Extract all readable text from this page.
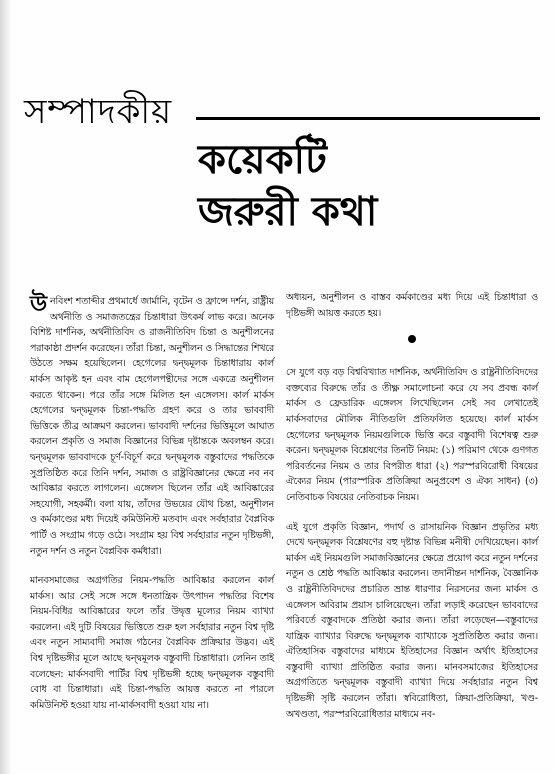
সম্পাদকীয়
কয়েকটি
জরুরী কথা

উনবিংশ শতাব্দীর প্রথমার্ধে জার্মানি, বৃটেন ও ফ্রান্সে দর্শন, রাষ্ট্রীয় অর্থনীতি ও সমাজতন্ত্রের চিন্তাধারা উৎকর্ষ লাভ করে। অনেক বিশিষ্ট দার্শনিক, অর্থনীতিবিদ ও রাজনীতিবিদ চিন্তা ও অনুশীলনের পরাকাষ্ঠা প্রদর্শন করেছেন। তাঁরা চিন্তা, অনুশীলন ও সিদ্ধান্তের শিখরে উঠতে সক্ষম হয়েছিলেন। হেগেলের দ্বন্দ্বমূলক চিন্তাধারায় কার্ল মার্কস আকৃষ্ট হন এবং বাম হেগেলপন্থীদের সঙ্গে একত্রে অনুশীলন করতে থাকেন। পরে তাঁর সঙ্গে মিলিত হন এঙ্গেলস। কার্ল মার্কস হেগেলের দ্বন্দ্বমূলক চিন্তা-পদ্ধতি গ্রহণ করে ও তার ভাববাদী ভিত্তিকে তীব্র আক্রমণ করলেন। ভাববাদী দর্শনের ভিত্তিমূলে আঘাত করলেন প্রকৃতি ও সমাজ বিজ্ঞানের বিভিন্ন দৃষ্টান্তকে অবলম্বন করে। দ্বন্দ্বমূলক ভাববাদকে চূর্ণ-বিচূর্ণ করে দ্বন্দ্বমূলক বস্তুবাদের পদ্ধতিকে সুপ্রতিষ্ঠিত করে তিনি দর্শন, সমাজ ও রাষ্ট্রবিজ্ঞানের ক্ষেত্রে নব নব আবিষ্কার করতে লাগলেন। এঙ্গেলস ছিলেন তাঁর এই আবিষ্কারের সহযোগী, সহকর্মী। বলা যায়, তাঁদের উভয়ের যৌথ চিন্তা, অনুশীলন ও কর্মকাণ্ডের মধ্য দিয়েই কমিউনিস্ট মতবাদ এবং সর্বহারার বৈপ্লবিক পার্টি ও সংগ্রাম গড়ে ওঠে। সংগ্রাম হয় বিশ্ব সর্বহারার নতুন দৃষ্টিভঙ্গী, নতুন দর্শন ও নতুন বৈপ্লবিক কর্মধারা।

মানবসমাজের অগ্রগতির নিয়ম-পদ্ধতি আবিষ্কার করলেন কার্ল মার্কস। আর সেই সঙ্গে সঙ্গে ধনতান্ত্রিক উৎপাদন পদ্ধতির বিশেষ নিয়ম-বিধির আবিষ্কারের ফলে তাঁর উদ্বৃত্ত মূল্যের নিয়ম ব্যাখ্যা করলেন। এই দুটি বিষয়ের ভিত্তিতে শুরু হল সর্বহারার নতুন বিশ্ব দৃষ্টি এবং নতুন সাম্যবাদী সমাজ গঠনের বৈপ্লবিক প্রক্রিয়ার উদ্ভব। এই বিশ্ব দৃষ্টিভঙ্গীর মূলে আছে দ্বন্দ্বমূলক বস্তুবাদী চিন্তাধারা। লেনিন তাই বলেছেন: মার্কসবাদী পার্টির বিশ্ব দৃষ্টিভঙ্গী হচ্ছে দ্বন্দ্বমূলক বস্তুবাদী বোধ বা চিন্তাধারা। এই চিন্তা-পদ্ধতি আয়ত্ত করতে না পারলে কমিউনিস্ট হওয়া যায় না-মার্কসবাদী হওয়া যায় না।

অধ্যয়ন, অনুশীলন ও বাস্তব কর্মকাণ্ডের মধ্য দিয়ে এই চিন্তাধারা ও দৃষ্টিভঙ্গী আয়ত্ত করতে হয়।

সে যুগে বড় বড় বিশ্ববিখ্যাত দার্শনিক, অর্থনীতিবিদ ও রাষ্ট্রনীতিবিদদের বক্তব্যের বিরুদ্ধে তাঁর ও তীক্ষ্ণ সমালোচনা করে যে সব প্রবন্ধ কার্ল মার্কস ও ফ্রেডারিক এঙ্গেলস লিখেছিলেন সেই সব লেখাতেই মার্কসবাদের মৌলিক নীতিগুলি প্রতিফলিত হয়েছে। কার্ল মার্কস হেগেলের দ্বন্দ্বমূলক নিয়মগুলিকে ভিত্তি করে বস্তুবাদী বিশেষত্ব শুরু করেন। দ্বন্দ্বমূলক বিশ্লেষণের তিনটি নিয়ম: (১) পরিমাণ থেকে গুণগত পরিবর্তনের নিয়ম ও তার বিপরীত ধারা (২) পরস্পরবিরোধী বিষয়ের ঐক্যের নিয়ম (পারস্পরিক প্রতিক্রিয়া অনুপ্রবেশ ও ঐক্য সাধন) (৩) নেতিবাচক বিষয়ের নেতিবাচক নিয়ম।

এই যুগে প্রকৃতি বিজ্ঞান, পদার্থ ও রাসায়নিক বিজ্ঞান প্রভৃতির মধ্য দেখে দ্বন্দ্বমূলক বিশ্লেষণের বহু দৃষ্টান্ত বিভিন্ন মনীষী দেখিয়েছেন। কার্ল মার্কস এই নিয়মগুলি সমাজবিজ্ঞানের ক্ষেত্রে প্রয়োগ করে নতুন দর্শনের নতুন ও শ্রেষ্ঠ পদ্ধতি আবিষ্কার করলেন। তদানীন্তন দার্শনিক, বৈজ্ঞানিক ও রাষ্ট্রনীতিবিদদের প্রচারিত ভ্রান্ত ধারণার নিরসনের জন্য মার্কস ও এঙ্গেলস অবিরাম প্রয়াস চালিয়েছেন। তাঁরা লড়াই করেছেন ভাববাদের পরিবর্তে বস্তুবাদকে প্রতিষ্ঠা করার জন্য। তাঁরা লড়েছেন—বস্তুবাদের যান্ত্রিক ব্যাখ্যার বিরুদ্ধে দ্বন্দ্বমূলক ব্যাখ্যাকে সুপ্রতিষ্ঠিত করার জন্য। ঐতিহাসিক বস্তুবাদের মাধ্যমে ইতিহাসের বিজ্ঞান অর্থাৎ ইতিহাসের বস্তুবাদী ব্যাখ্যা প্রতিষ্ঠিত করার জন্য। মানবসমাজের ইতিহাসের অগ্রগতিতে দ্বন্দ্বমূলক বস্তুবাদী ব্যাখ্যা দিয়ে সর্বহারার নতুন বিশ্ব দৃষ্টিভঙ্গী সৃষ্টি করলেন তাঁরা। স্ববিরোধিতা, ক্রিয়া-প্রতিক্রিয়া, খণ্ড-অখণ্ডতা, পরস্পরবিরোধিতার মাধ্যমে নব-
